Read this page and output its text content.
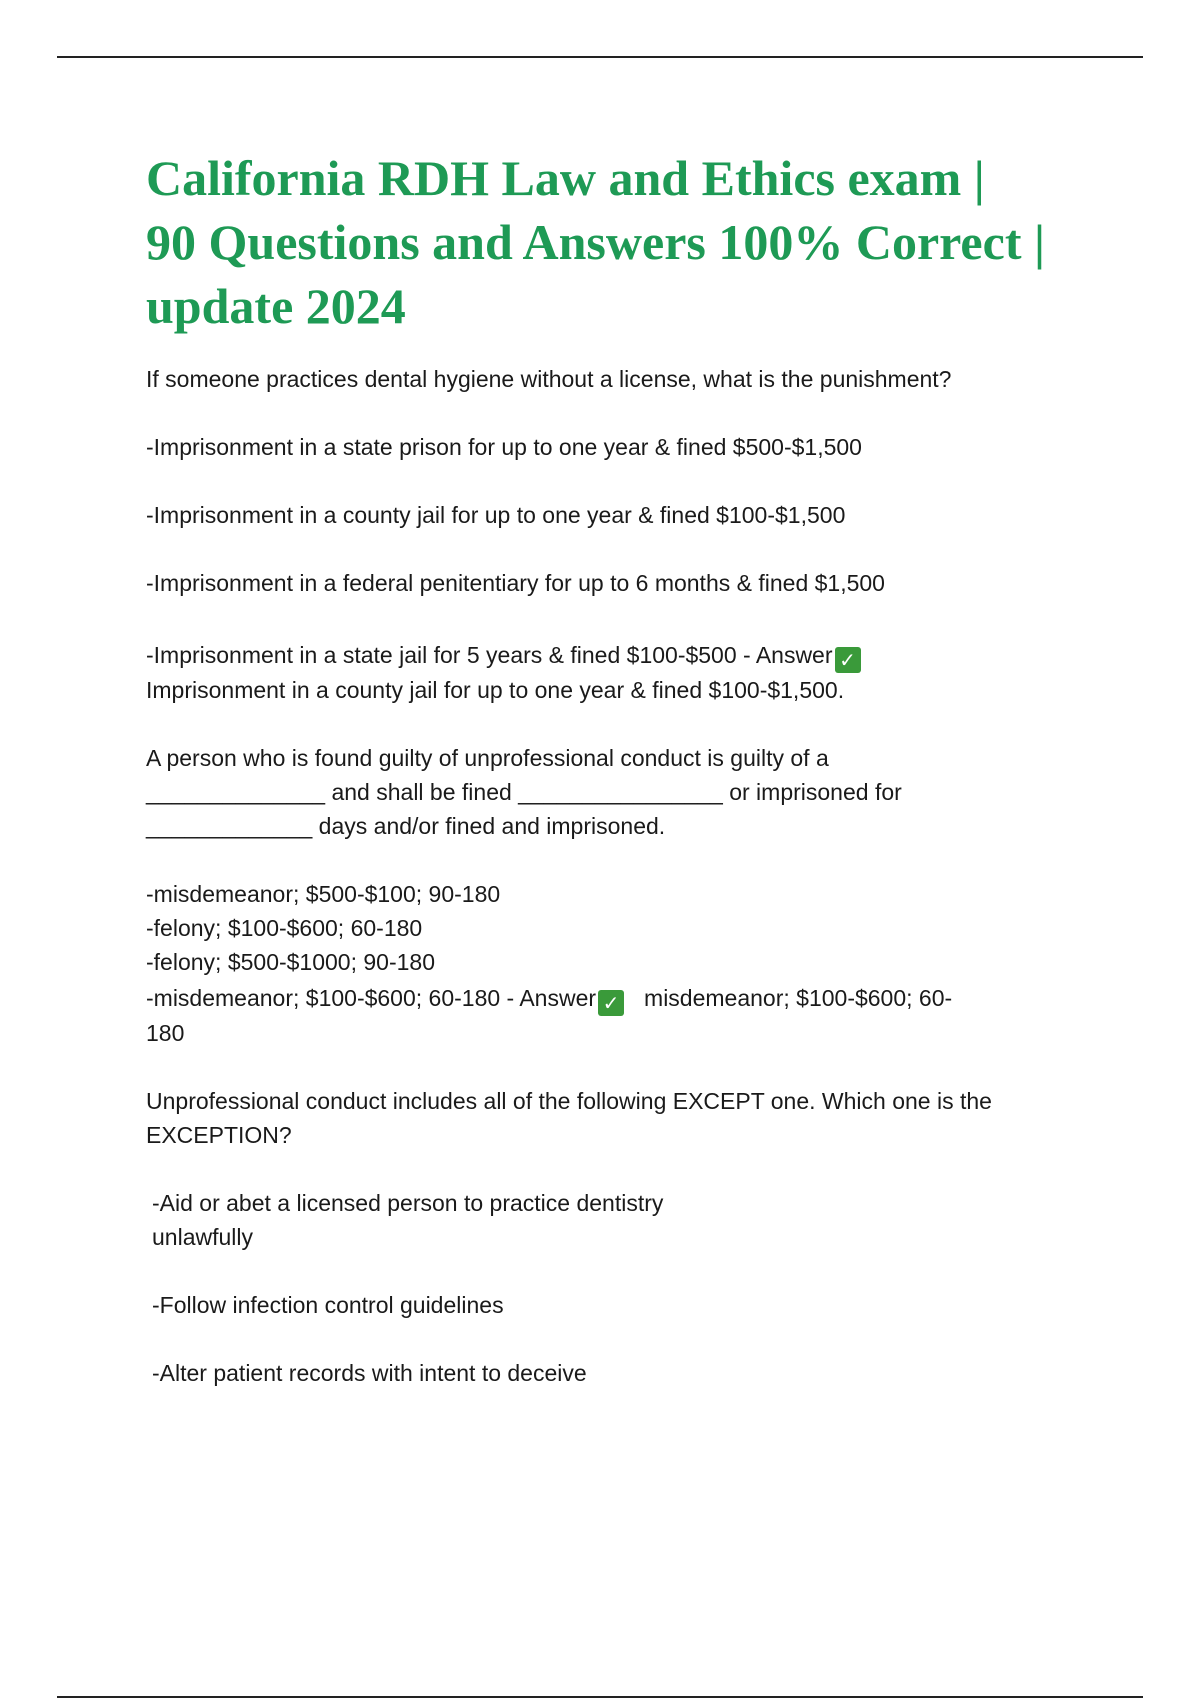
California RDH Law and Ethics exam |
90 Questions and Answers 100% Correct |
update 2024

If someone practices dental hygiene without a license, what is the punishment?

-Imprisonment in a state prison for up to one year & fined $500-$1,500

-Imprisonment in a county jail for up to one year & fined $100-$1,500

-Imprisonment in a federal penitentiary for up to 6 months & fined $1,500

-Imprisonment in a state jail for 5 years & fined $100-$500 - Answer ✓

Imprisonment in a county jail for up to one year & fined $100-$1,500.

A person who is found guilty of unprofessional conduct is guilty of a
______________ and shall be fined ________________ or imprisoned for
_____________ days and/or fined and imprisoned.

-misdemeanor; $500-$100; 90-180

-felony; $100-$600; 60-180

-felony; $500-$1000; 90-180

-misdemeanor; $100-$600; 60-180 - Answer ✓ misdemeanor; $100-$600; 60-
180

Unprofessional conduct includes all of the following EXCEPT one. Which one is the
EXCEPTION?

-Aid or abet a licensed person to practice dentistry
unlawfully

-Follow infection control guidelines

-Alter patient records with intent to deceive
